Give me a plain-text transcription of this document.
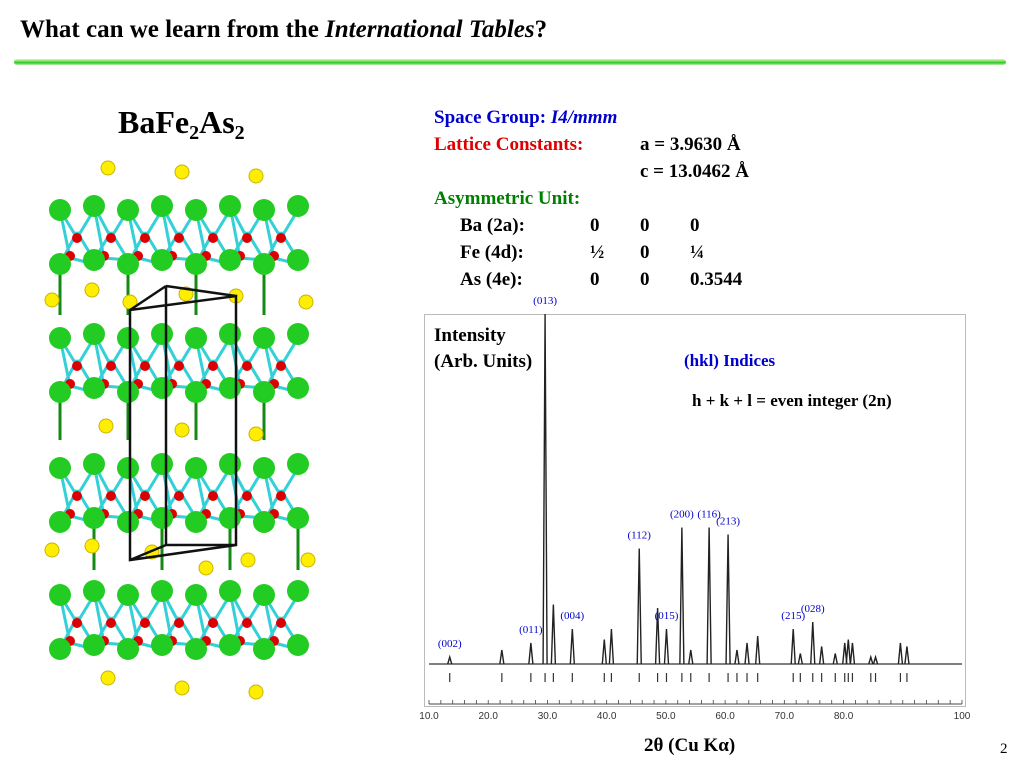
What can we learn from the International Tables?
$BaFe_2As_2$
Space Group: I4/mmm
Lattice Constants:	a = 3.9630 Å
c = 13.0462 Å
Asymmetric Unit:
Ba (2a):	0 0 0
Fe (4d):	½ 0 ¼
As (4e):	0 0 0.3544
Intensity
(Arb. Units)	(hkl) Indices
h + k + l = even integer (2n)
(002)
(011)
(013)
(004)
(112)
(015)
(200) (116)
(213)
(215)
(028)
10.0	20.0	30.0	40.0	50.0	60.0	70.0	80.0	100
2θ (Cu Kα)	2
